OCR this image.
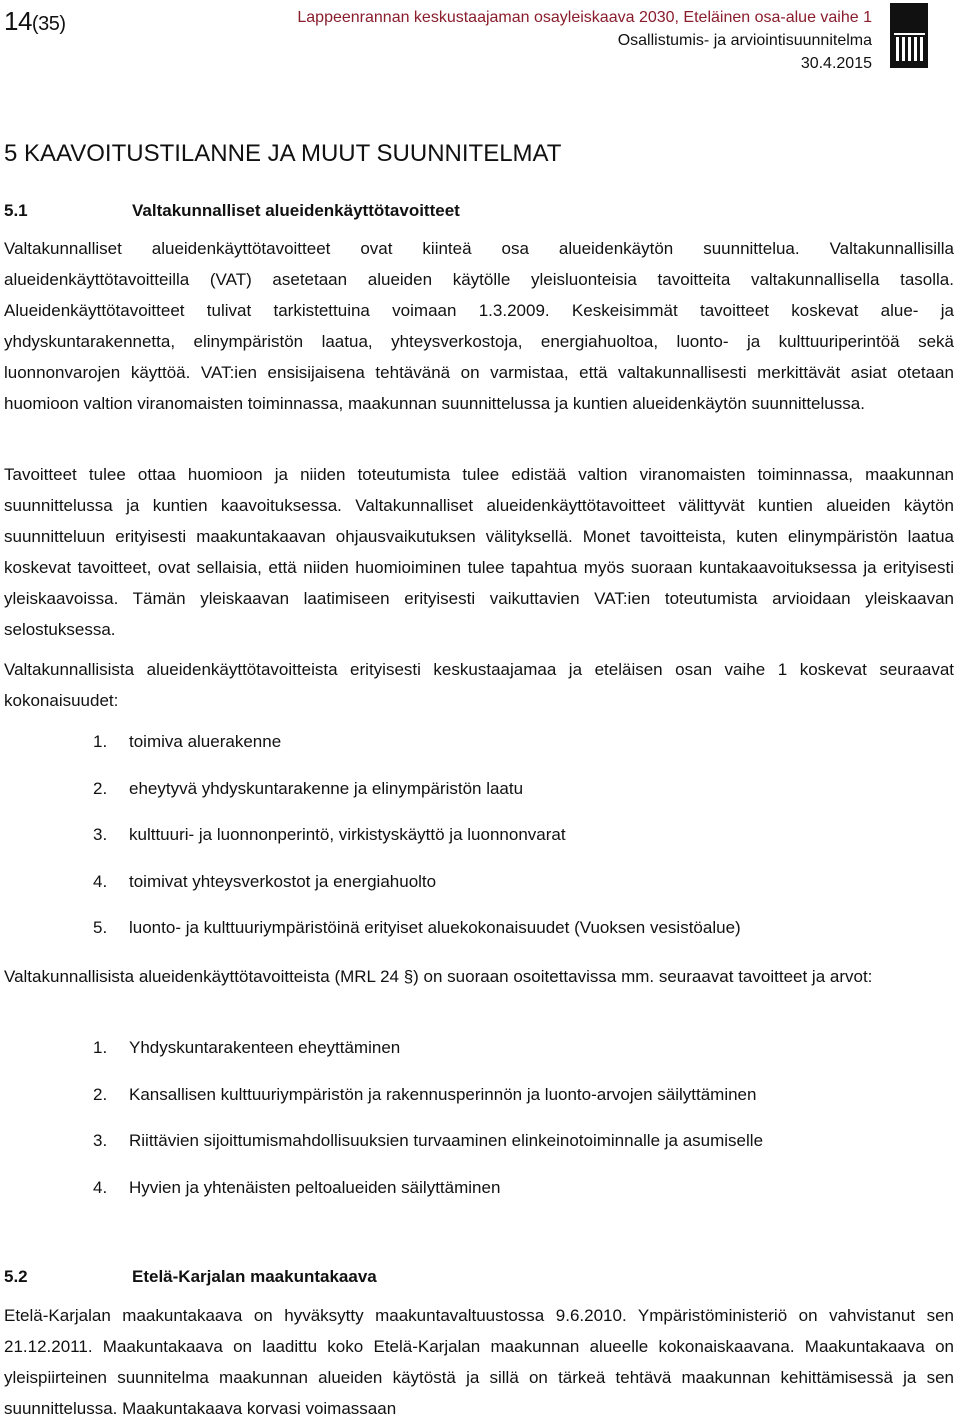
14(35)	Lappeenrannan keskustaajaman osayleiskaava 2030, Eteläinen osa-alue vaihe 1
Osallistumis- ja arviointisuunnitelma
30.4.2015
5 KAAVOITUSTILANNE JA MUUT SUUNNITELMAT
5.1	Valtakunnalliset alueidenkäyttötavoitteet

Valtakunnalliset alueidenkäyttötavoitteet ovat kiinteä osa alueidenkäytön suunnittelua. Valtakunnallisilla alueidenkäyttötavoitteilla (VAT) asetetaan alueiden käytölle yleisluonteisia tavoitteita valtakunnallisella tasolla. Alueidenkäyttötavoitteet tulivat tarkistettuina voimaan 1.3.2009. Keskeisimmät tavoitteet koskevat alue- ja yhdyskuntarakennetta, elinympäristön laatua, yhteysverkostoja, energiahuoltoa, luonto- ja kulttuuriperintöä sekä luonnonvarojen käyttöä. VAT:ien ensisijaisena tehtävänä on varmistaa, että valtakunnallisesti merkittävät asiat otetaan huomioon valtion viranomaisten toiminnassa, maakunnan suunnittelussa ja kuntien alueidenkäytön suunnittelussa.

Tavoitteet tulee ottaa huomioon ja niiden toteutumista tulee edistää valtion viranomaisten toiminnassa, maakunnan suunnittelussa ja kuntien kaavoituksessa. Valtakunnalliset alueidenkäyttötavoitteet välittyvät kuntien alueiden käytön suunnitteluun erityisesti maakuntakaavan ohjausvaikutuksen välityksellä. Monet tavoitteista, kuten elinympäristön laatua koskevat tavoitteet, ovat sellaisia, että niiden huomioiminen tulee tapahtua myös suoraan kuntakaavoituksessa ja erityisesti yleiskaavoissa. Tämän yleiskaavan laatimiseen erityisesti vaikuttavien VAT:ien toteutumista arvioidaan yleiskaavan selostuksessa.

Valtakunnallisista alueidenkäyttötavoitteista erityisesti keskustaajamaa ja eteläisen osan vaihe 1 koskevat seuraavat kokonaisuudet:

1.	toimiva aluerakenne
2.	eheytyvä yhdyskuntarakenne ja elinympäristön laatu
3.	kulttuuri- ja luonnonperintö, virkistyskäyttö ja luonnonvarat
4.	toimivat yhteysverkostot ja energiahuolto
5.	luonto- ja kulttuuriympäristöinä erityiset aluekokonaisuudet (Vuoksen vesistöalue)

Valtakunnallisista alueidenkäyttötavoitteista (MRL 24 §) on suoraan osoitettavissa mm. seuraavat tavoitteet ja arvot:

1.	Yhdyskuntarakenteen eheyttäminen
2.	Kansallisen kulttuuriympäristön ja rakennusperinnön ja luonto-arvojen säilyttäminen
3.	Riittävien sijoittumismahdollisuuksien turvaaminen elinkeinotoiminnalle ja asumiselle
4.	Hyvien ja yhtenäisten peltoalueiden säilyttäminen
5.2	Etelä-Karjalan maakuntakaava

Etelä-Karjalan maakuntakaava on hyväksytty maakuntavaltuustossa 9.6.2010. Ympäristöministeriö on vahvistanut sen 21.12.2011. Maakuntakaava on laadittu koko Etelä-Karjalan maakunnan alueelle kokonaiskaavana. Maakuntakaava on yleispiirteinen suunnitelma maakunnan alueiden käytöstä ja sillä on tärkeä tehtävä maakunnan kehittämisessä ja sen suunnittelussa. Maakuntakaava korvasi voimassaan
